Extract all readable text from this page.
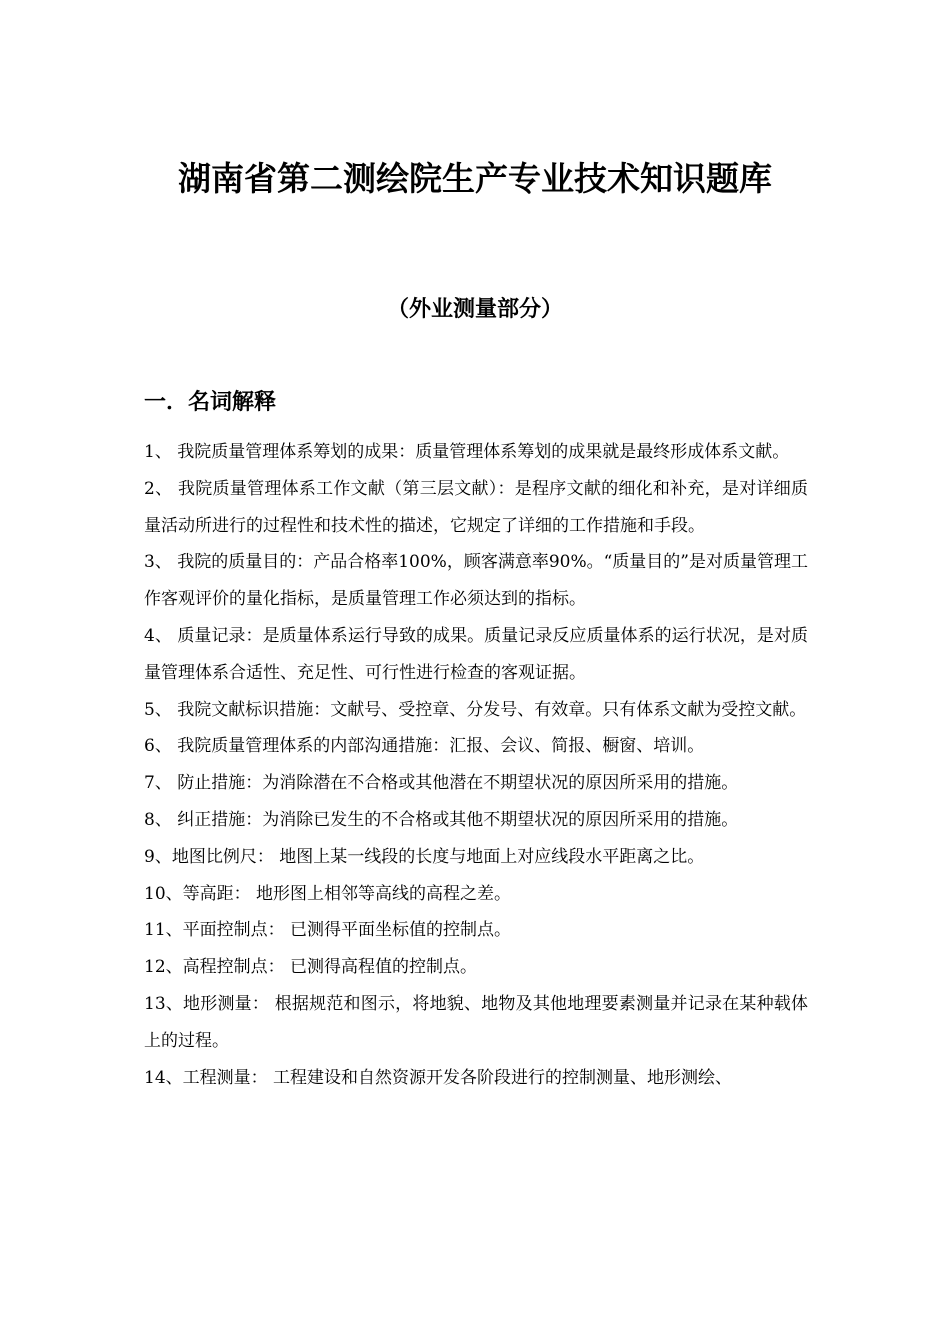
湖南省第二测绘院生产专业技术知识题库
（外业测量部分）
一．名词解释

1、 我院质量管理体系筹划的成果：质量管理体系筹划的成果就是最终形成体系文献。

2、 我院质量管理体系工作文献（第三层文献）：是程序文献的细化和补充，是对详细质量活动所进行的过程性和技术性的描述，它规定了详细的工作措施和手段。

3、 我院的质量目的：产品合格率100%，顾客满意率90%。“质量目的”是对质量管理工作客观评价的量化指标，是质量管理工作必须达到的指标。

4、 质量记录：是质量体系运行导致的成果。质量记录反应质量体系的运行状况，是对质量管理体系合适性、充足性、可行性进行检查的客观证据。

5、 我院文献标识措施：文献号、受控章、分发号、有效章。只有体系文献为受控文献。

6、 我院质量管理体系的内部沟通措施：汇报、会议、简报、橱窗、培训。

7、 防止措施：为消除潜在不合格或其他潜在不期望状况的原因所采用的措施。

8、 纠正措施：为消除已发生的不合格或其他不期望状况的原因所采用的措施。

9、地图比例尺： 地图上某一线段的长度与地面上对应线段水平距离之比。

10、等高距： 地形图上相邻等高线的高程之差。

11、平面控制点： 已测得平面坐标值的控制点。

12、高程控制点： 已测得高程值的控制点。

13、地形测量： 根据规范和图示，将地貌、地物及其他地理要素测量并记录在某种载体上的过程。

14、工程测量： 工程建设和自然资源开发各阶段进行的控制测量、地形测绘、
